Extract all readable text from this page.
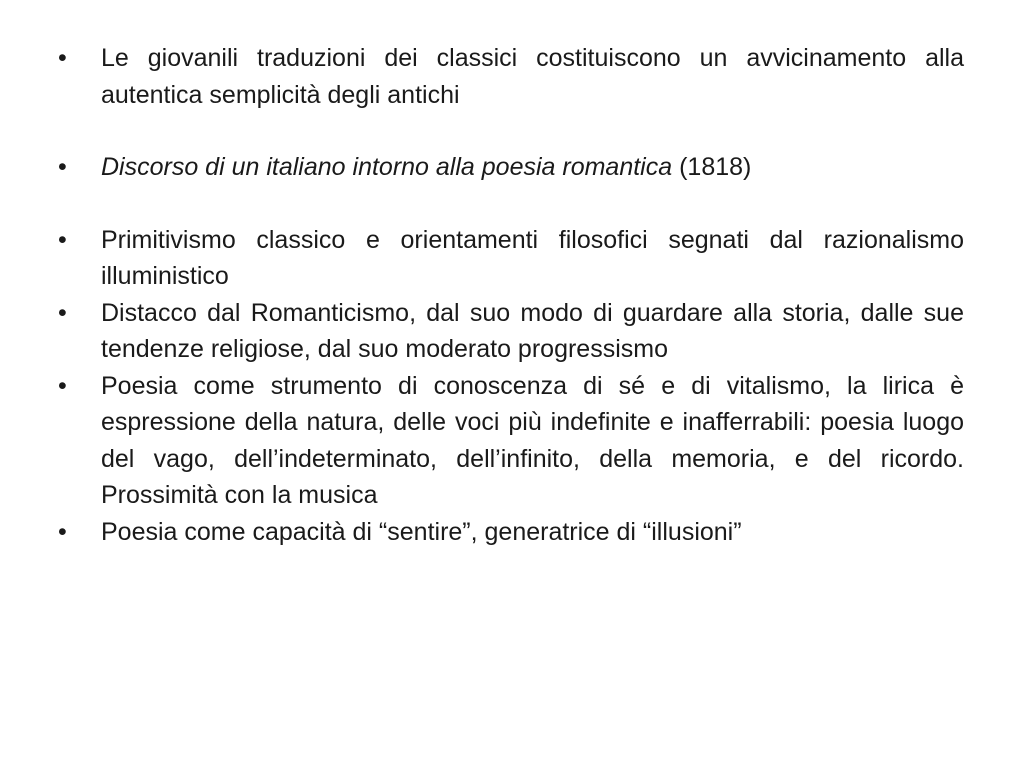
•	Le giovanili traduzioni dei classici costituiscono un avvicinamento alla autentica semplicità degli antichi
•	Discorso di un italiano intorno alla poesia romantica (1818)
•	Primitivismo classico e orientamenti filosofici segnati dal razionalismo illuministico
•	Distacco dal Romanticismo, dal suo modo di guardare alla storia, dalle sue tendenze religiose, dal suo moderato progressismo
•	Poesia come strumento di conoscenza di sé e di vitalismo, la lirica è espressione della natura, delle voci più indefinite e inafferrabili: poesia luogo del vago, dell’indeterminato, dell’infinito, della memoria, e del ricordo. Prossimità con la musica
•	Poesia come capacità di “sentire”, generatrice di “illusioni”
